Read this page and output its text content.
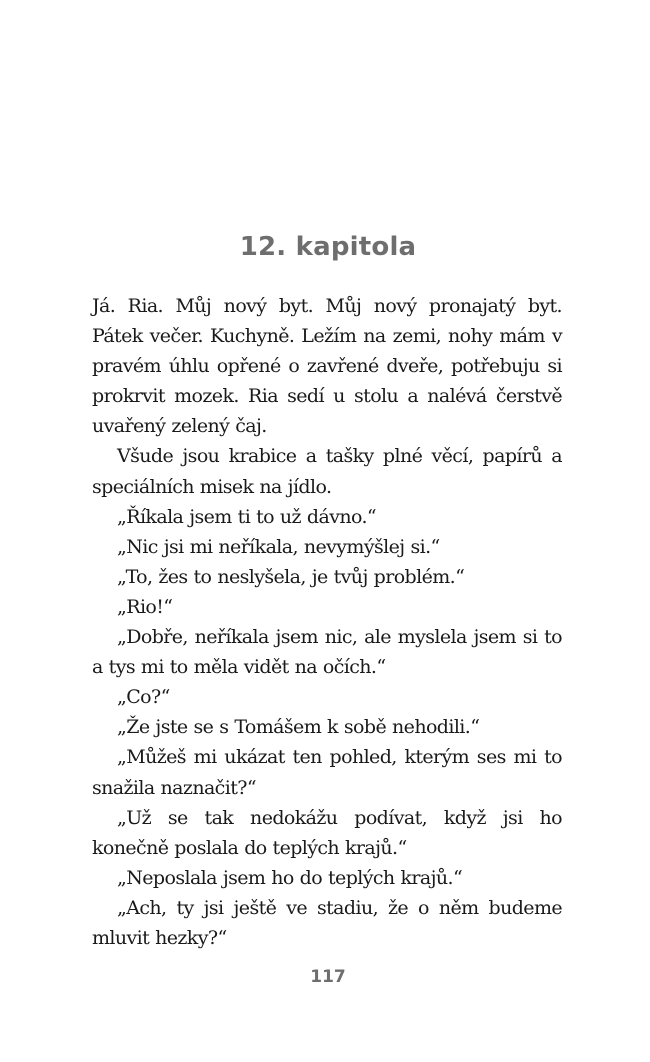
12. kapitola

Já. Ria. Můj nový byt. Můj nový pronajatý byt. Pátek večer. Kuchyně. Ležím na zemi, nohy mám v pravém úhlu opřené o zavřené dveře, potřebuju si prokrvit mozek. Ria sedí u stolu a nalévá čerstvě uvařený zelený čaj.

Všude jsou krabice a tašky plné věcí, papírů a speciálních misek na jídlo.

„Říkala jsem ti to už dávno.“

„Nic jsi mi neříkala, nevymýšlej si.“

„To, žes to neslyšela, je tvůj problém.“

„Rio!“

„Dobře, neříkala jsem nic, ale myslela jsem si to a tys mi to měla vidět na očích.“

„Co?“

„Že jste se s Tomášem k sobě nehodili.“

„Můžeš mi ukázat ten pohled, kterým ses mi to snažila naznačit?“

„Už se tak nedokážu podívat, když jsi ho konečně poslala do teplých krajů.“

„Neposlala jsem ho do teplých krajů.“

„Ach, ty jsi ještě ve stadiu, že o něm budeme mluvit hezky?“

117
